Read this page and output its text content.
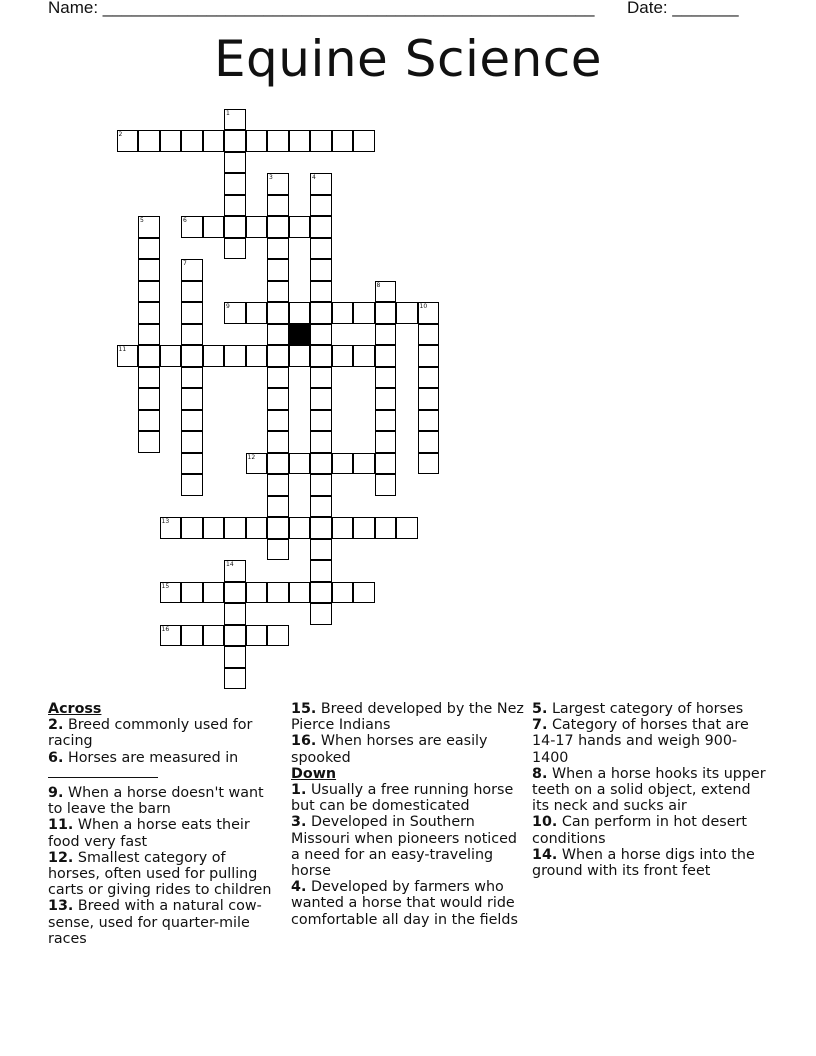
Name: ____________________________________________________ Date: _______
Equine Science
1
2
3	4
5	6
7
8
9	10
11
12
13
14
15
16
Across
2. Breed commonly used for racing
6. Horses are measured in

9. When a horse doesn't want to leave the barn
11. When a horse eats their food very fast
12. Smallest category of horses, often used for pulling carts or giving rides to children
13. Breed with a natural cow-sense, used for quarter-mile races
15. Breed developed by the Nez Pierce Indians
16. When horses are easily spooked
Down
1. Usually a free running horse but can be domesticated
3. Developed in Southern Missouri when pioneers noticed a need for an easy-traveling horse
4. Developed by farmers who wanted a horse that would ride comfortable all day in the fields
5. Largest category of horses
7. Category of horses that are 14-17 hands and weigh 900-1400
8. When a horse hooks its upper teeth on a solid object, extend its neck and sucks air
10. Can perform in hot desert conditions
14. When a horse digs into the ground with its front feet
